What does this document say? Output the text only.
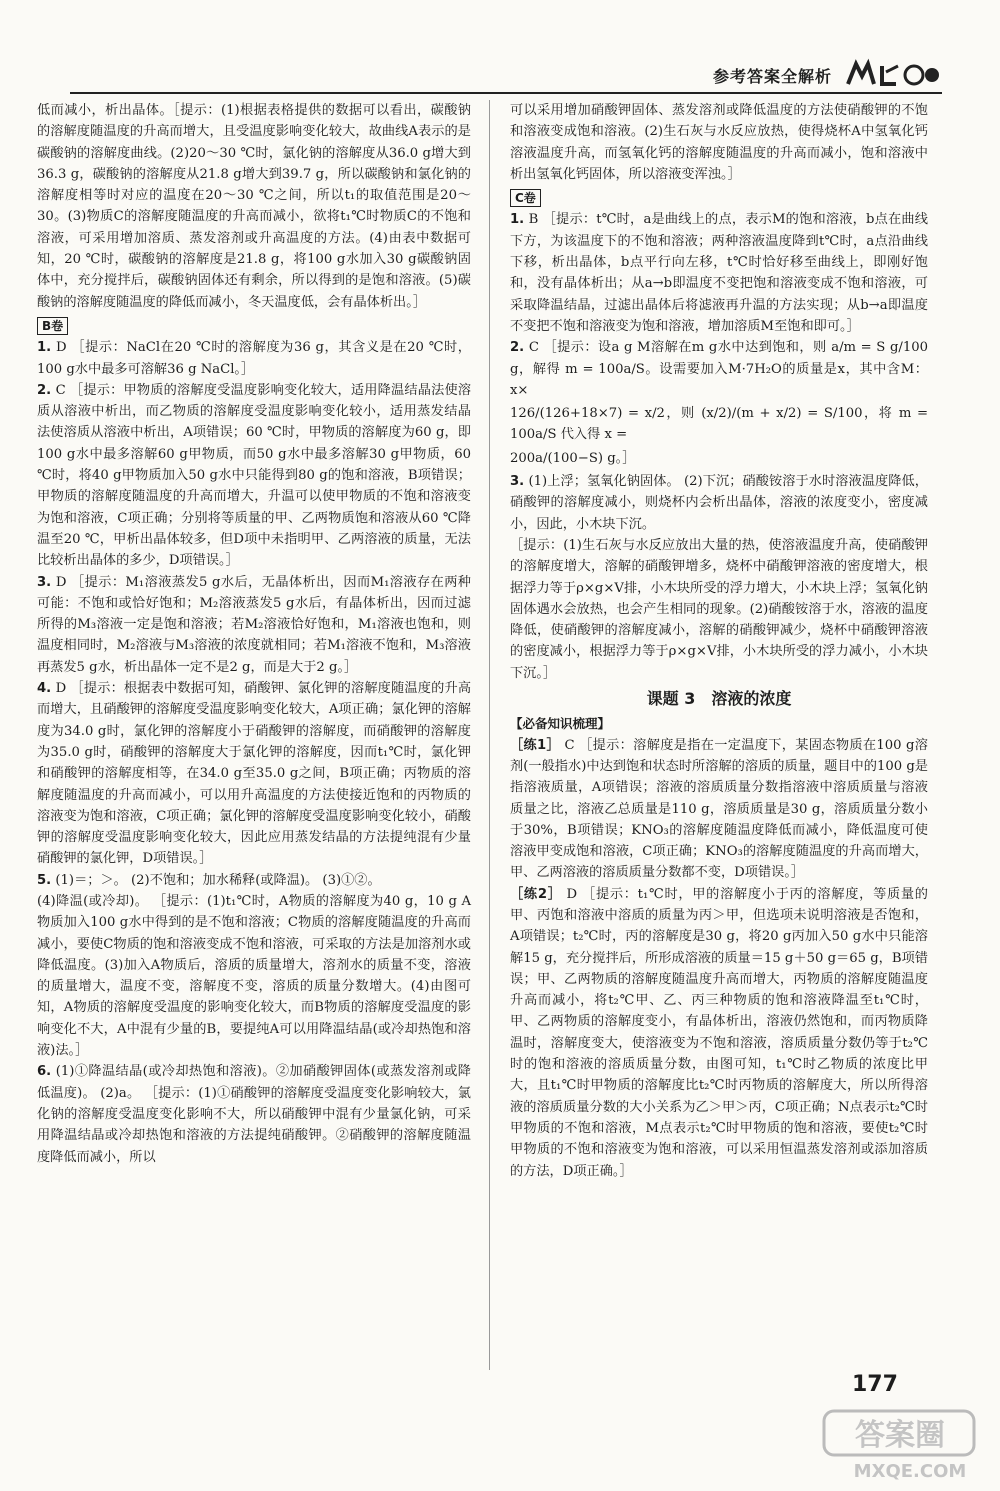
参考答案全解析

低而减小，析出晶体。［提示：(1)根据表格提供的数据可以看出，碳酸钠的溶解度随温度的升高而增大，且受温度影响变化较大，故曲线A表示的是碳酸钠的溶解度曲线。(2)20～30 ℃时，氯化钠的溶解度从36.0 g增大到36.3 g，碳酸钠的溶解度从21.8 g增大到39.7 g，所以碳酸钠和氯化钠的溶解度相等时对应的温度在20～30 ℃之间，所以t₁的取值范围是20～30。(3)物质C的溶解度随温度的升高而减小，欲将t₁℃时物质C的不饱和溶液，可采用增加溶质、蒸发溶剂或升高温度的方法。(4)由表中数据可知，20 ℃时，碳酸钠的溶解度是21.8 g，将100 g水加入30 g碳酸钠固体中，充分搅拌后，碳酸钠固体还有剩余，所以得到的是饱和溶液。(5)碳酸钠的溶解度随温度的降低而减小，冬天温度低，会有晶体析出。］

B卷

1. D ［提示：NaCl在20 ℃时的溶解度为36 g，其含义是在20 ℃时，100 g水中最多可溶解36 g NaCl。］

2. C ［提示：甲物质的溶解度受温度影响变化较大，适用降温结晶法使溶质从溶液中析出，而乙物质的溶解度受温度影响变化较小，适用蒸发结晶法使溶质从溶液中析出，A项错误；60 ℃时，甲物质的溶解度为60 g，即100 g水中最多溶解60 g甲物质，而50 g水中最多溶解30 g甲物质，60 ℃时，将40 g甲物质加入50 g水中只能得到80 g的饱和溶液，B项错误；甲物质的溶解度随温度的升高而增大，升温可以使甲物质的不饱和溶液变为饱和溶液，C项正确；分别将等质量的甲、乙两物质饱和溶液从60 ℃降温至20 ℃，甲析出晶体较多，但D项中未指明甲、乙两溶液的质量，无法比较析出晶体的多少，D项错误。］

3. D ［提示：M₁溶液蒸发5 g水后，无晶体析出，因而M₁溶液存在两种可能：不饱和或恰好饱和；M₂溶液蒸发5 g水后，有晶体析出，因而过滤所得的M₃溶液一定是饱和溶液；若M₂溶液恰好饱和，M₁溶液也饱和，则温度相同时，M₂溶液与M₃溶液的浓度就相同；若M₁溶液不饱和，M₃溶液再蒸发5 g水，析出晶体一定不是2 g，而是大于2 g。］

4. D ［提示：根据表中数据可知，硝酸钾、氯化钾的溶解度随温度的升高而增大，且硝酸钾的溶解度受温度影响变化较大，A项正确；氯化钾的溶解度为34.0 g时，氯化钾的溶解度小于硝酸钾的溶解度，而硝酸钾的溶解度为35.0 g时，硝酸钾的溶解度大于氯化钾的溶解度，因而t₁℃时，氯化钾和硝酸钾的溶解度相等，在34.0 g至35.0 g之间，B项正确；丙物质的溶解度随温度的升高而减小，可以用升高温度的方法使接近饱和的丙物质的溶液变为饱和溶液，C项正确；氯化钾的溶解度受温度影响变化较小，硝酸钾的溶解度受温度影响变化较大，因此应用蒸发结晶的方法提纯混有少量硝酸钾的氯化钾，D项错误。］

5. (1)＝；＞。 (2)不饱和；加水稀释(或降温)。 (3)①②。

(4)降温(或冷却)。 ［提示：(1)t₁℃时，A物质的溶解度为40 g，10 g A物质加入100 g水中得到的是不饱和溶液；C物质的溶解度随温度的升高而减小，要使C物质的饱和溶液变成不饱和溶液，可采取的方法是加溶剂水或降低温度。(3)加入A物质后，溶质的质量增大，溶剂水的质量不变，溶液的质量增大，温度不变，溶解度不变，溶质的质量分数增大。(4)由图可知，A物质的溶解度受温度的影响变化较大，而B物质的溶解度受温度的影响变化不大，A中混有少量的B，要提纯A可以用降温结晶(或冷却热饱和溶液)法。］

6. (1)①降温结晶(或冷却热饱和溶液)。②加硝酸钾固体(或蒸发溶剂或降低温度)。 (2)a。 ［提示：(1)①硝酸钾的溶解度受温度变化影响较大，氯化钠的溶解度受温度变化影响不大，所以硝酸钾中混有少量氯化钠，可采用降温结晶或冷却热饱和溶液的方法提纯硝酸钾。②硝酸钾的溶解度随温度降低而减小，所以

可以采用增加硝酸钾固体、蒸发溶剂或降低温度的方法使硝酸钾的不饱和溶液变成饱和溶液。(2)生石灰与水反应放热，使得烧杯A中氢氧化钙溶液温度升高，而氢氧化钙的溶解度随温度的升高而减小，饱和溶液中析出氢氧化钙固体，所以溶液变浑浊。］

C卷

1. B ［提示：t℃时，a是曲线上的点，表示M的饱和溶液，b点在曲线下方，为该温度下的不饱和溶液；两种溶液温度降到t℃时，a点沿曲线下移，析出晶体，b点平行向左移，t℃时恰好移至曲线上，即刚好饱和，没有晶体析出；从a→b即温度不变把饱和溶液变成不饱和溶液，可采取降温结晶，过滤出晶体后将滤液再升温的方法实现；从b→a即温度不变把不饱和溶液变为饱和溶液，增加溶质M至饱和即可。］

2. C ［提示：设a g M溶解在m g水中达到饱和，则 a/m = S g/100 g，解得 m = 100a/S。设需要加入M·7H₂O的质量是x，其中含M：x×

126/(126+18×7) = x/2，则 (x/2)/(m + x/2) = S/100，将 m = 100a/S 代入得 x =

200a/(100−S) g。］

3. (1)上浮；氢氧化钠固体。 (2)下沉；硝酸铵溶于水时溶液温度降低，硝酸钾的溶解度减小，则烧杯内会析出晶体，溶液的浓度变小，密度减小，因此，小木块下沉。

［提示：(1)生石灰与水反应放出大量的热，使溶液温度升高，使硝酸钾的溶解度增大，溶解的硝酸钾增多，烧杯中硝酸钾溶液的密度增大，根据浮力等于ρ×g×V排，小木块所受的浮力增大，小木块上浮；氢氧化钠固体遇水会放热，也会产生相同的现象。(2)硝酸铵溶于水，溶液的温度降低，使硝酸钾的溶解度减小，溶解的硝酸钾减少，烧杯中硝酸钾溶液的密度减小，根据浮力等于ρ×g×V排，小木块所受的浮力减小，小木块下沉。］

课题 3　溶液的浓度
【必备知识梳理】

［练1］ C ［提示：溶解度是指在一定温度下，某固态物质在100 g溶剂(一般指水)中达到饱和状态时所溶解的溶质的质量，题目中的100 g是指溶液质量，A项错误；溶液的溶质质量分数指溶液中溶质质量与溶液质量之比，溶液乙总质量是110 g，溶质质量是30 g，溶质质量分数小于30%，B项错误；KNO₃的溶解度随温度降低而减小，降低温度可使溶液甲变成饱和溶液，C项正确；KNO₃的溶解度随温度的升高而增大，甲、乙两溶液的溶质质量分数都不变，D项错误。］

［练2］ D ［提示：t₁℃时，甲的溶解度小于丙的溶解度，等质量的甲、丙饱和溶液中溶质的质量为丙＞甲，但选项未说明溶液是否饱和，A项错误；t₂℃时，丙的溶解度是30 g，将20 g丙加入50 g水中只能溶解15 g，充分搅拌后，所形成溶液的质量＝15 g＋50 g＝65 g，B项错误；甲、乙两物质的溶解度随温度升高而增大，丙物质的溶解度随温度升高而减小，将t₂℃甲、乙、丙三种物质的饱和溶液降温至t₁℃时，甲、乙两物质的溶解度变小，有晶体析出，溶液仍然饱和，而丙物质降温时，溶解度变大，使溶液变为不饱和溶液，溶质质量分数仍等于t₂℃时的饱和溶液的溶质质量分数，由图可知，t₁℃时乙物质的浓度比甲大，且t₁℃时甲物质的溶解度比t₂℃时丙物质的溶解度大，所以所得溶液的溶质质量分数的大小关系为乙＞甲＞丙，C项正确；N点表示t₂℃时甲物质的不饱和溶液，M点表示t₂℃时甲物质的饱和溶液，要使t₂℃时甲物质的不饱和溶液变为饱和溶液，可以采用恒温蒸发溶剂或添加溶质的方法，D项正确。］

177
答案圈
MXQE.COM
